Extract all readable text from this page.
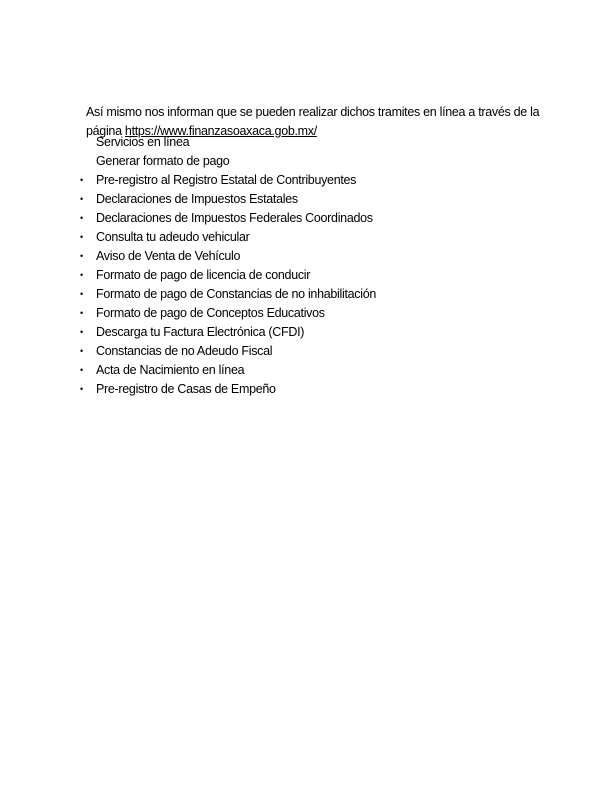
Así mismo nos informan que se pueden realizar dichos tramites en línea a través de la página https://www.finanzasoaxaca.gob.mx/

Servicios en línea
Generar formato de pago
• Pre-registro al Registro Estatal de Contribuyentes
• Declaraciones de Impuestos Estatales
• Declaraciones de Impuestos Federales Coordinados
• Consulta tu adeudo vehicular
• Aviso de Venta de Vehículo
• Formato de pago de licencia de conducir
• Formato de pago de Constancias de no inhabilitación
• Formato de pago de Conceptos Educativos
• Descarga tu Factura Electrónica (CFDI)
• Constancias de no Adeudo Fiscal
• Acta de Nacimiento en línea
• Pre-registro de Casas de Empeño
